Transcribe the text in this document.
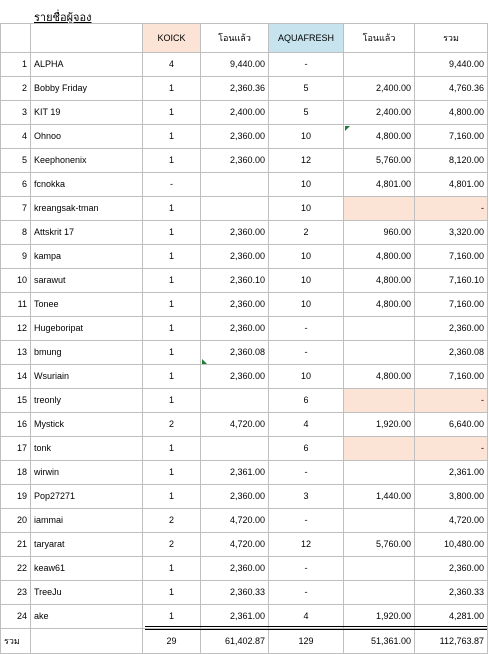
รายชื่อผู้จอง
		KOICK	โอนแล้ว	AQUAFRESH	โอนแล้ว	รวม
1	ALPHA	4	9,440.00	-		9,440.00
2	Bobby Friday	1	2,360.36	5	2,400.00	4,760.36
3	KIT 19	1	2,400.00	5	2,400.00	4,800.00
4	Ohnoo	1	2,360.00	10	4,800.00	7,160.00
5	Keephonenix	1	2,360.00	12	5,760.00	8,120.00
6	fcnokka	-		10	4,801.00	4,801.00
7	kreangsak-tman	1		10		-
8	Attskrit 17	1	2,360.00	2	960.00	3,320.00
9	kampa	1	2,360.00	10	4,800.00	7,160.00
10	sarawut	1	2,360.10	10	4,800.00	7,160.10
11	Tonee	1	2,360.00	10	4,800.00	7,160.00
12	Hugeboripat	1	2,360.00	-		2,360.00
13	bmung	1	2,360.08	-		2,360.08
14	Wsuriain	1	2,360.00	10	4,800.00	7,160.00
15	treonly	1		6		-
16	Mystick	2	4,720.00	4	1,920.00	6,640.00
17	tonk	1		6		-
18	wirwin	1	2,361.00	-		2,361.00
19	Pop27271	1	2,360.00	3	1,440.00	3,800.00
20	iammai	2	4,720.00	-		4,720.00
21	taryarat	2	4,720.00	12	5,760.00	10,480.00
22	keaw61	1	2,360.00	-		2,360.00
23	TreeJu	1	2,360.33	-		2,360.33
24	ake	1	2,361.00	4	1,920.00	4,281.00
รวม		29	61,402.87	129	51,361.00	112,763.87
